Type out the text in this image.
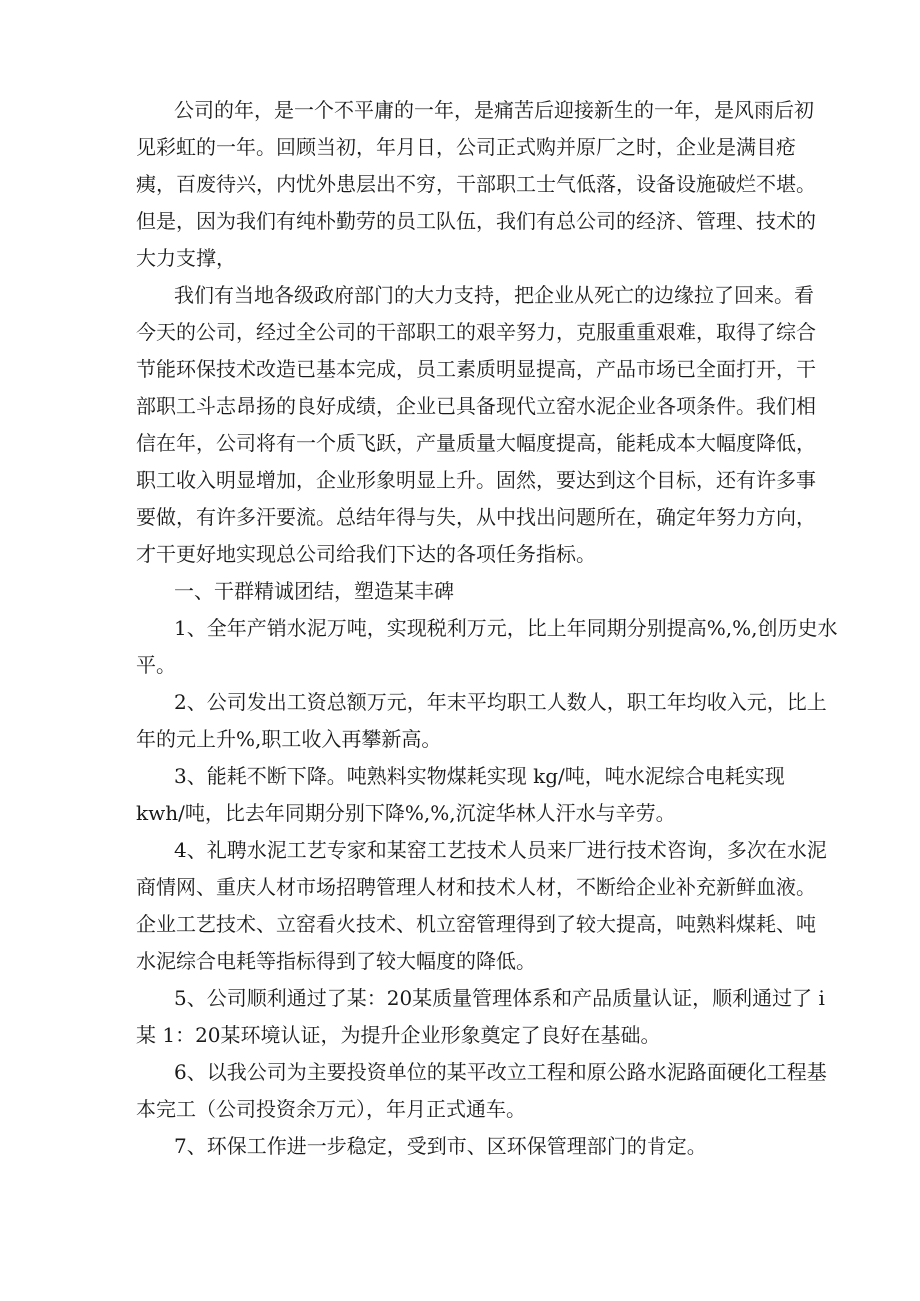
公司的年，是一个不平庸的一年，是痛苦后迎接新生的一年，是风雨后初
见彩虹的一年。回顾当初，年月日，公司正式购并原厂之时，企业是满目疮
痍，百废待兴，内忧外患层出不穷，干部职工士气低落，设备设施破烂不堪。
但是，因为我们有纯朴勤劳的员工队伍，我们有总公司的经济、管理、技术的
大力支撑，
我们有当地各级政府部门的大力支持，把企业从死亡的边缘拉了回来。看
今天的公司，经过全公司的干部职工的艰辛努力，克服重重艰难，取得了综合
节能环保技术改造已基本完成，员工素质明显提高，产品市场已全面打开，干
部职工斗志昂扬的良好成绩，企业已具备现代立窑水泥企业各项条件。我们相
信在年，公司将有一个质飞跃，产量质量大幅度提高，能耗成本大幅度降低，
职工收入明显增加，企业形象明显上升。固然，要达到这个目标，还有许多事
要做，有许多汗要流。总结年得与失，从中找出问题所在，确定年努力方向，
才干更好地实现总公司给我们下达的各项任务指标。
一、干群精诚团结，塑造某丰碑
1、全年产销水泥万吨，实现税利万元，比上年同期分别提高%,%,创历史水
平。
2、公司发出工资总额万元，年末平均职工人数人，职工年均收入元，比上
年的元上升%,职工收入再攀新高。
3、能耗不断下降。吨熟料实物煤耗实现 kg/吨，吨水泥综合电耗实现
kwh/吨，比去年同期分别下降%,%,沉淀华林人汗水与辛劳。
4、礼聘水泥工艺专家和某窑工艺技术人员来厂进行技术咨询，多次在水泥
商情网、重庆人材市场招聘管理人材和技术人材，不断给企业补充新鲜血液。
企业工艺技术、立窑看火技术、机立窑管理得到了较大提高，吨熟料煤耗、吨
水泥综合电耗等指标得到了较大幅度的降低。
5、公司顺利通过了某：20某质量管理体系和产品质量认证，顺利通过了 i
某 1：20某环境认证，为提升企业形象奠定了良好在基础。
6、以我公司为主要投资单位的某平改立工程和原公路水泥路面硬化工程基
本完工（公司投资余万元），年月正式通车。
7、环保工作进一步稳定，受到市、区环保管理部门的肯定。
